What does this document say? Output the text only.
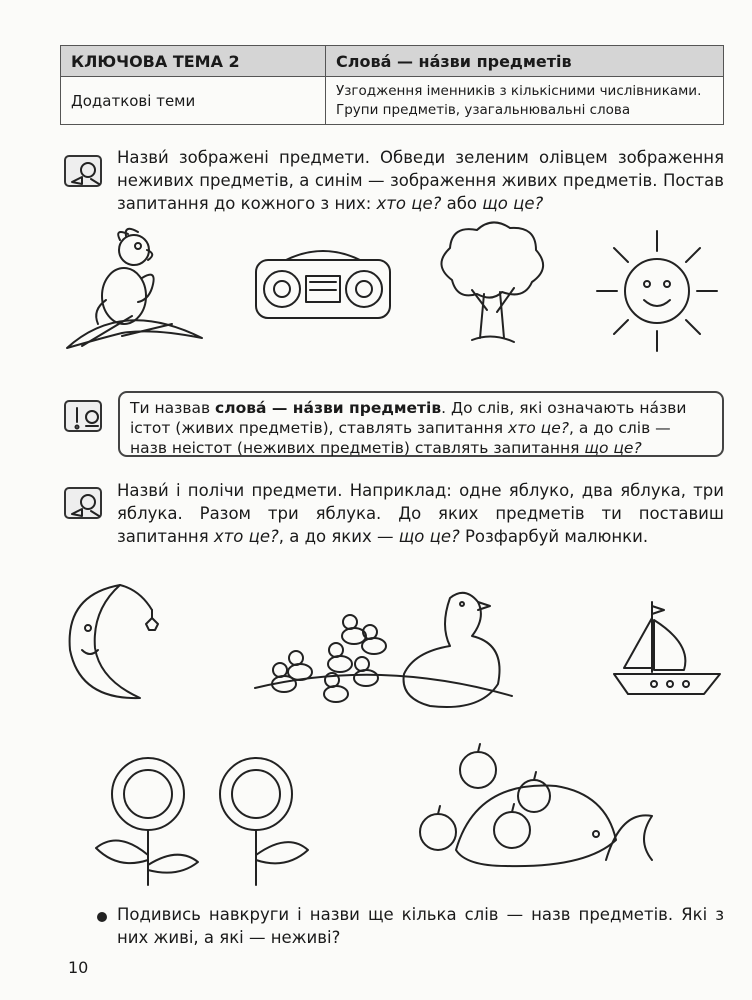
КЛЮЧОВА ТЕМА 2	Слова́ — на́зви предметів
Додаткові теми
Узгодження іменників з кількісними числівниками.
Групи предметів, узагальнювальні слова
Назви́ зображені предмети. Обведи зеленим олівцем зображення неживих предметів, а синім — зображення живих предметів. Постав запитання до кожного з них: хто це? або що це?
Ти назвав слова́ — на́зви предметів. До слів, які означають на́зви істот (живих предметів), ставлять запитання хто це?, а до слів — назв неістот (неживих предметів) ставлять запитання що це?
Назви́ і полічи предмети. Наприклад: одне яблуко, два яблука, три яблука. Разом три яблука. До яких предметів ти поставиш запитання хто це?, а до яких — що це? Розфарбуй малюнки.
Подивись навкруги і назви ще кілька слів — назв предметів. Які з них живі, а які — неживі?
10
